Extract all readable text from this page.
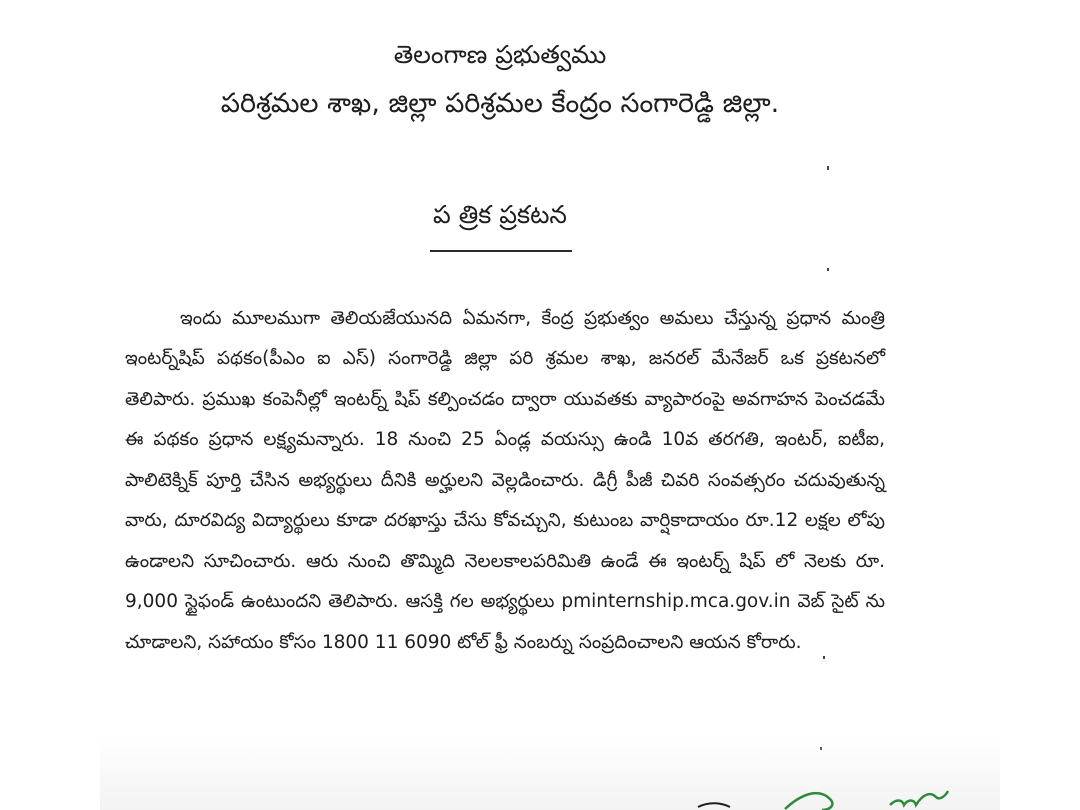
తెలంగాణ ప్రభుత్వము
పరిశ్రమల శాఖ, జిల్లా పరిశ్రమల కేంద్రం సంగారెడ్డి జిల్లా.
ప త్రిక ప్రకటన

ఇందు మూలముగా తెలియజేయునది ఏమనగా, కేంద్ర ప్రభుత్వం అమలు చేస్తున్న ప్రధాన మంత్రి ఇంటర్న్‌షిప్ పథకం(పీఎం ఐ ఎస్) సంగారెడ్డి జిల్లా పరి శ్రమల శాఖ, జనరల్ మేనేజర్ ఒక ప్రకటనలో తెలిపారు. ప్రముఖ కంపెనీల్లో ఇంటర్న్ షిప్ కల్పించడం ద్వారా యువతకు వ్యాపారంపై అవగాహన పెంచడమే ఈ పథకం ప్రధాన లక్ష్యమన్నారు. 18 నుంచి 25 ఏండ్ల వయస్సు ఉండి 10వ తరగతి, ఇంటర్, ఐటీఐ, పాలిటెక్నిక్ పూర్తి చేసిన అభ్యర్థులు దీనికి అర్హులని వెల్లడించారు. డిగ్రీ పీజీ చివరి సంవత్సరం చదువుతున్న వారు, దూరవిద్య విద్యార్థులు కూడా దరఖాస్తు చేసు కోవచ్చుని, కుటుంబ వార్షికాదాయం రూ.12 లక్షల లోపు ఉండాలని సూచించారు. ఆరు నుంచి తొమ్మిది నెలలకాలపరిమితి ఉండే ఈ ఇంటర్న్ షిప్ లో నెలకు రూ. 9,000 స్టైఫండ్ ఉంటుందని తెలిపారు. ఆసక్తి గల అభ్యర్థులు pminternship.mca.gov.in వెబ్ సైట్ ను చూడాలని, సహాయం కోసం 1800 11 6090 టోల్ ఫ్రీ నంబర్ను సంప్రదించాలని ఆయన కోరారు.
